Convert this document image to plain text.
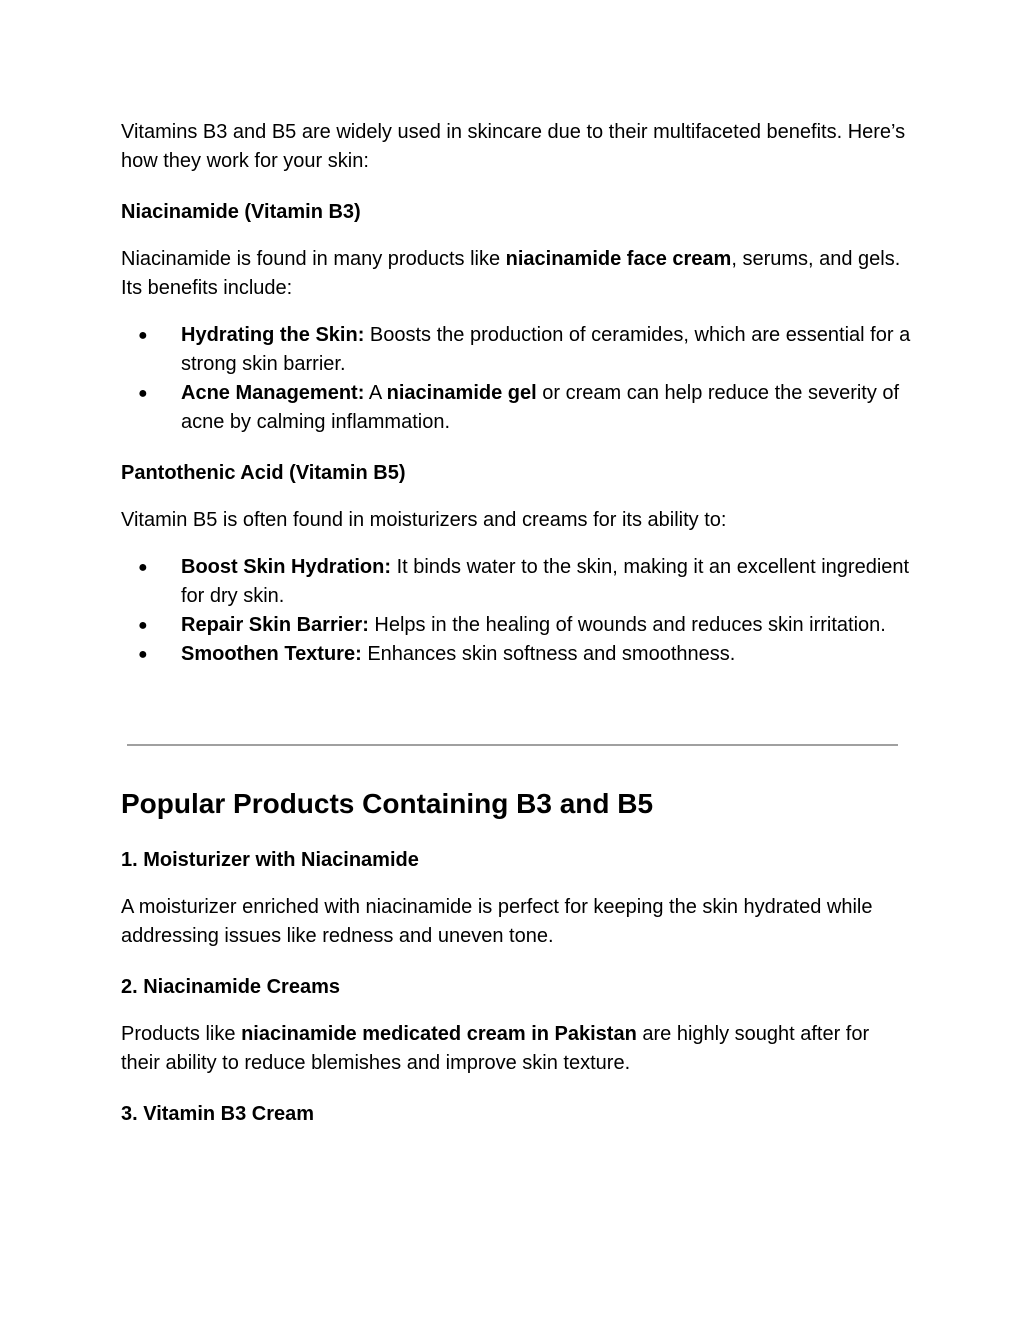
Vitamins B3 and B5 are widely used in skincare due to their multifaceted benefits. Here’s how they work for your skin:

Niacinamide (Vitamin B3)

Niacinamide is found in many products like niacinamide face cream, serums, and gels. Its benefits include:

● Hydrating the Skin: Boosts the production of ceramides, which are essential for a strong skin barrier.
● Acne Management: A niacinamide gel or cream can help reduce the severity of acne by calming inflammation.
Pantothenic Acid (Vitamin B5)

Vitamin B5 is often found in moisturizers and creams for its ability to:

● Boost Skin Hydration: It binds water to the skin, making it an excellent ingredient for dry skin.
● Repair Skin Barrier: Helps in the healing of wounds and reduces skin irritation.
● Smoothen Texture: Enhances skin softness and smoothness.
Popular Products Containing B3 and B5
1. Moisturizer with Niacinamide

A moisturizer enriched with niacinamide is perfect for keeping the skin hydrated while addressing issues like redness and uneven tone.

2. Niacinamide Creams

Products like niacinamide medicated cream in Pakistan are highly sought after for their ability to reduce blemishes and improve skin texture.

3. Vitamin B3 Cream
